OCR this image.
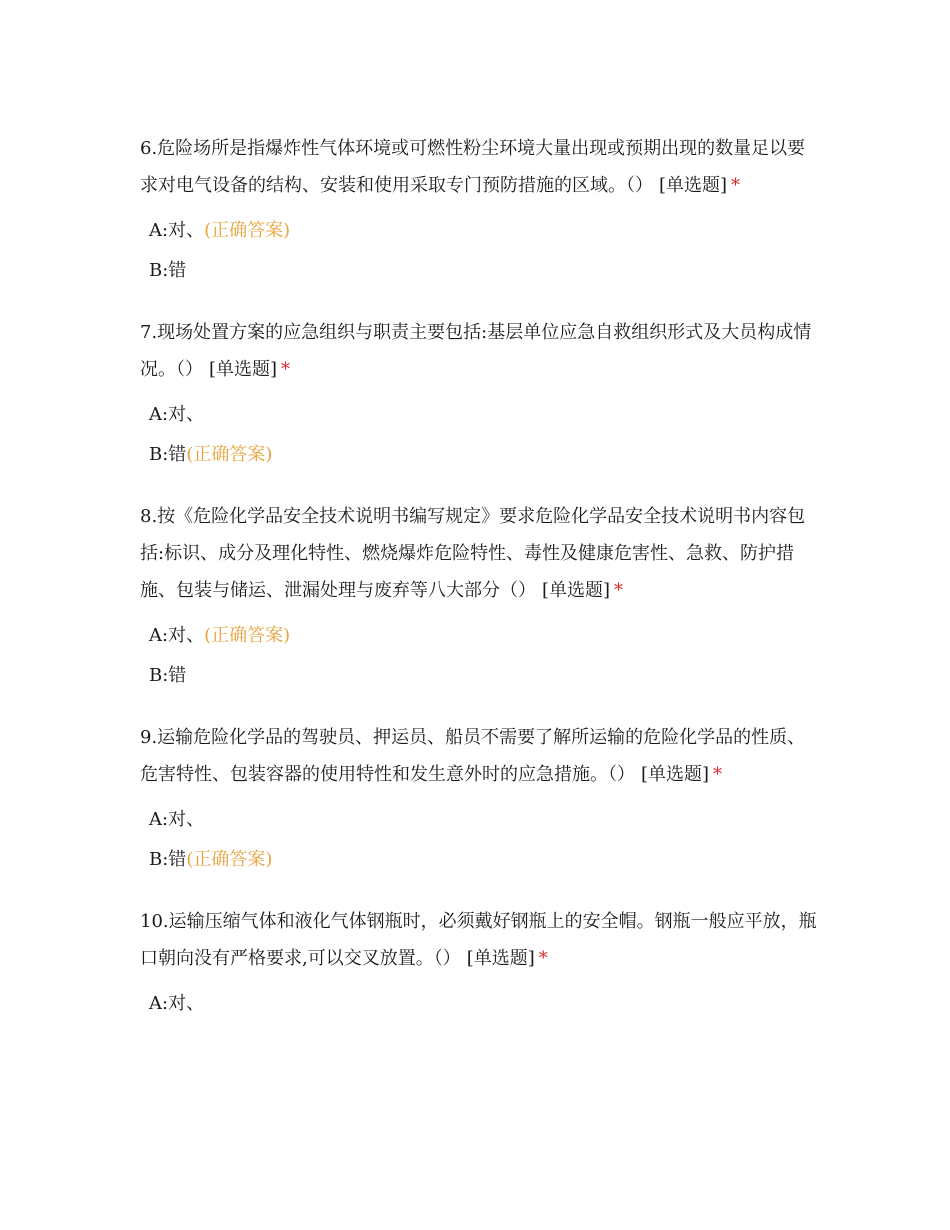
6.危险场所是指爆炸性气体环境或可燃性粉尘环境大量出现或预期出现的数量足以要求对电气设备的结构、安装和使用采取专门预防措施的区域。（） [单选题] *

A:对、(正确答案)
B:错

7.现场处置方案的应急组织与职责主要包括:基层单位应急自救组织形式及大员构成情况。（） [单选题] *

A:对、
B:错(正确答案)

8.按《危险化学品安全技术说明书编写规定》要求危险化学品安全技术说明书内容包括:标识、成分及理化特性、燃烧爆炸危险特性、毒性及健康危害性、急救、防护措施、包装与储运、泄漏处理与废弃等八大部分（） [单选题] *

A:对、(正确答案)
B:错

9.运输危险化学品的驾驶员、押运员、船员不需要了解所运输的危险化学品的性质、危害特性、包装容器的使用特性和发生意外时的应急措施。（） [单选题] *

A:对、
B:错(正确答案)

10.运输压缩气体和液化气体钢瓶时，必须戴好钢瓶上的安全帽。钢瓶一般应平放，瓶口朝向没有严格要求,可以交叉放置。（） [单选题] *

A:对、
